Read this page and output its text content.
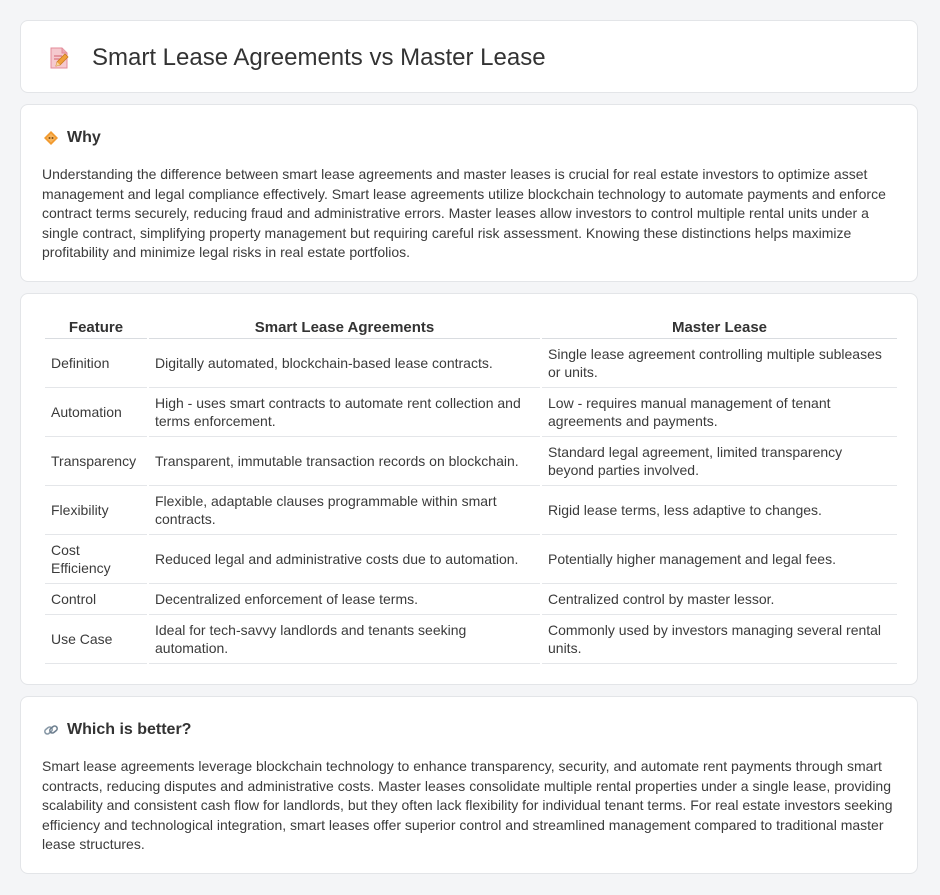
Smart Lease Agreements vs Master Lease
Why

Understanding the difference between smart lease agreements and master leases is crucial for real estate investors to optimize asset management and legal compliance effectively. Smart lease agreements utilize blockchain technology to automate payments and enforce contract terms securely, reducing fraud and administrative errors. Master leases allow investors to control multiple rental units under a single contract, simplifying property management but requiring careful risk assessment. Knowing these distinctions helps maximize profitability and minimize legal risks in real estate portfolios.

Feature	Smart Lease Agreements	Master Lease
Definition	Digitally automated, blockchain-based lease contracts.	Single lease agreement controlling multiple subleases or units.
Automation	High - uses smart contracts to automate rent collection and terms enforcement.	Low - requires manual management of tenant agreements and payments.
Transparency	Transparent, immutable transaction records on blockchain.	Standard legal agreement, limited transparency beyond parties involved.
Flexibility	Flexible, adaptable clauses programmable within smart contracts.	Rigid lease terms, less adaptive to changes.
Cost Efficiency	Reduced legal and administrative costs due to automation.	Potentially higher management and legal fees.
Control	Decentralized enforcement of lease terms.	Centralized control by master lessor.
Use Case	Ideal for tech-savvy landlords and tenants seeking automation.	Commonly used by investors managing several rental units.
Which is better?

Smart lease agreements leverage blockchain technology to enhance transparency, security, and automate rent payments through smart contracts, reducing disputes and administrative costs. Master leases consolidate multiple rental properties under a single lease, providing scalability and consistent cash flow for landlords, but they often lack flexibility for individual tenant terms. For real estate investors seeking efficiency and technological integration, smart leases offer superior control and streamlined management compared to traditional master lease structures.
